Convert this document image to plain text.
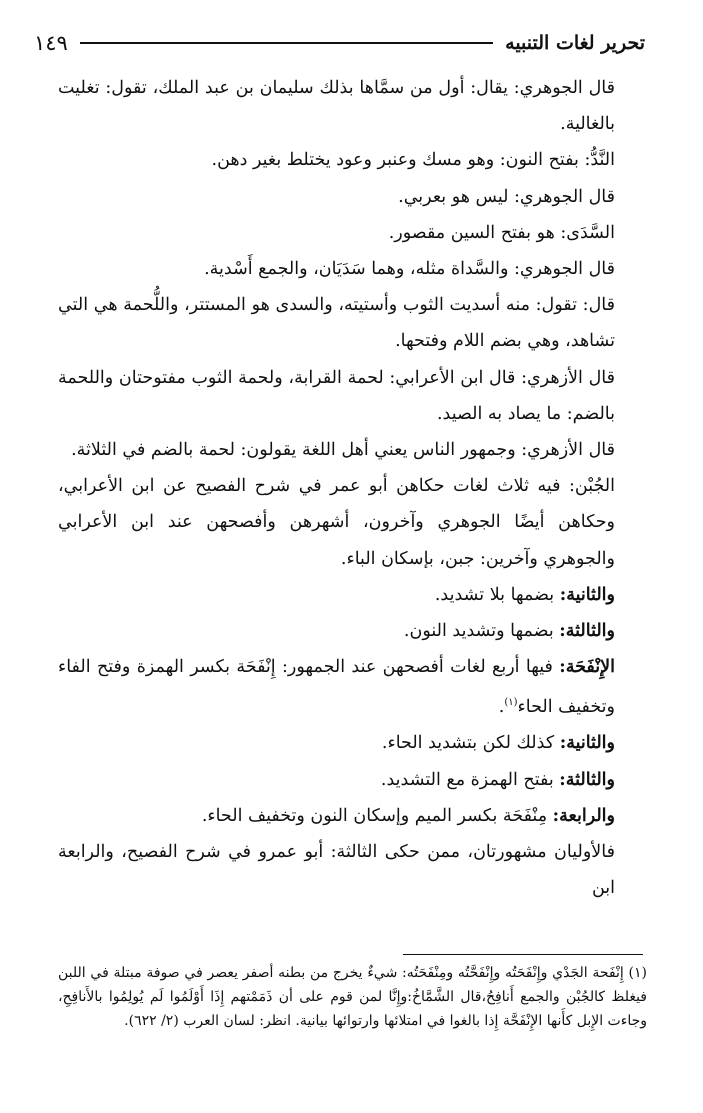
تحرير لغات التنبيه
١٤٩

قال الجوهري: يقال: أول من سمَّاها بذلك سليمان بن عبد الملك، تقول: تغليت بالغالية.

النَّدُّ: بفتح النون: وهو مسك وعنبر وعود يختلط بغير دهن.

قال الجوهري: ليس هو بعربي.

السَّدَى: هو بفتح السين مقصور.

قال الجوهري: والسَّداة مثله، وهما سَدَيَان، والجمع أَسْدية.

قال: تقول: منه أسديت الثوب وأستيته، والسدى هو المستتر، واللُّحمة هي التي تشاهد، وهي بضم اللام وفتحها.

قال الأزهري: قال ابن الأعرابي: لحمة القرابة، ولحمة الثوب مفتوحتان واللحمة بالضم: ما يصاد به الصيد.

قال الأزهري: وجمهور الناس يعني أهل اللغة يقولون: لحمة بالضم في الثلاثة.

الجُبْن: فيه ثلاث لغات حكاهن أبو عمر في شرح الفصيح عن ابن الأعرابي، وحكاهن أيضًا الجوهري وآخرون، أشهرهن وأفصحهن عند ابن الأعرابي والجوهري وآخرين: جبن، بإسكان الباء.

والثانية: بضمها بلا تشديد.

والثالثة: بضمها وتشديد النون.

الإِنْفَحَة: فيها أربع لغات أفصحهن عند الجمهور: إِنْفَحَة بكسر الهمزة وفتح الفاء وتخفيف الحاء$^{(١)}$.

والثانية: كذلك لكن بتشديد الحاء.

والثالثة: بفتح الهمزة مع التشديد.

والرابعة: مِنْفَحَة بكسر الميم وإسكان النون وتخفيف الحاء.

فالأوليان مشهورتان، ممن حكى الثالثة: أبو عمرو في شرح الفصيح، والرابعة ابن

(١) إِنْفَحة الجَدْي وإِنْفَحَتُه وإِنْفَحَّتُه ومِنْفَحَتُه: شيءٌ يخرج من بطنه أصفر يعصر في صوفة مبتلة في اللبن فيغلظ كالجُبْن والجمع أَنافِحُ،قال الشَّمَّاخُ:وإِنَّا لمن قوم على أن ذَمَمْتهم إِذَا أَوْلَمُوا لَم يُولِمُوا بالأَنافِحِ، وجاءت الإِبل كأَنها الإِنْفَحَّة إِذا بالغوا في امتلائها وارتوائها بيانية. انظر: لسان العرب (٢/ ٦٢٢).
